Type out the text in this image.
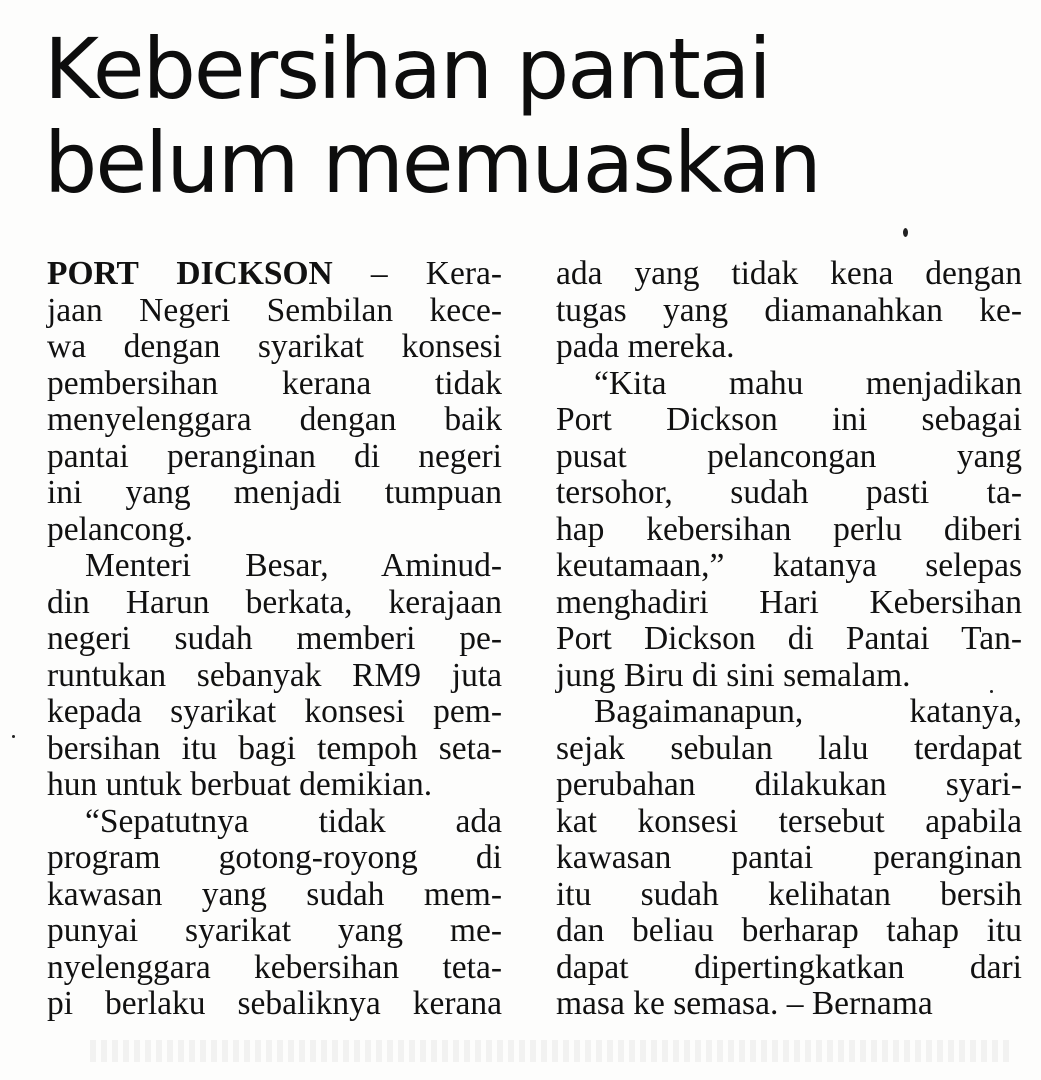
Kebersihan pantai
belum memuaskan
PORT DICKSON – Kera-
jaan Negeri Sembilan kece-
wa dengan syarikat konsesi
pembersihan kerana tidak
menyelenggara dengan baik
pantai peranginan di negeri
ini yang menjadi tumpuan
pelancong.
Menteri Besar, Aminud-
din Harun berkata, kerajaan
negeri sudah memberi pe-
runtukan sebanyak RM9 juta
kepada syarikat konsesi pem-
bersihan itu bagi tempoh seta-
hun untuk berbuat demikian.
“Sepatutnya tidak ada
program gotong-royong di
kawasan yang sudah mem-
punyai syarikat yang me-
nyelenggara kebersihan teta-
pi berlaku sebaliknya kerana
ada yang tidak kena dengan
tugas yang diamanahkan ke-
pada mereka.
“Kita mahu menjadikan
Port Dickson ini sebagai
pusat pelancongan yang
tersohor, sudah pasti ta-
hap kebersihan perlu diberi
keutamaan,” katanya selepas
menghadiri Hari Kebersihan
Port Dickson di Pantai Tan-
jung Biru di sini semalam.
Bagaimanapun, katanya,
sejak sebulan lalu terdapat
perubahan dilakukan syari-
kat konsesi tersebut apabila
kawasan pantai peranginan
itu sudah kelihatan bersih
dan beliau berharap tahap itu
dapat dipertingkatkan dari
masa ke semasa. – Bernama
